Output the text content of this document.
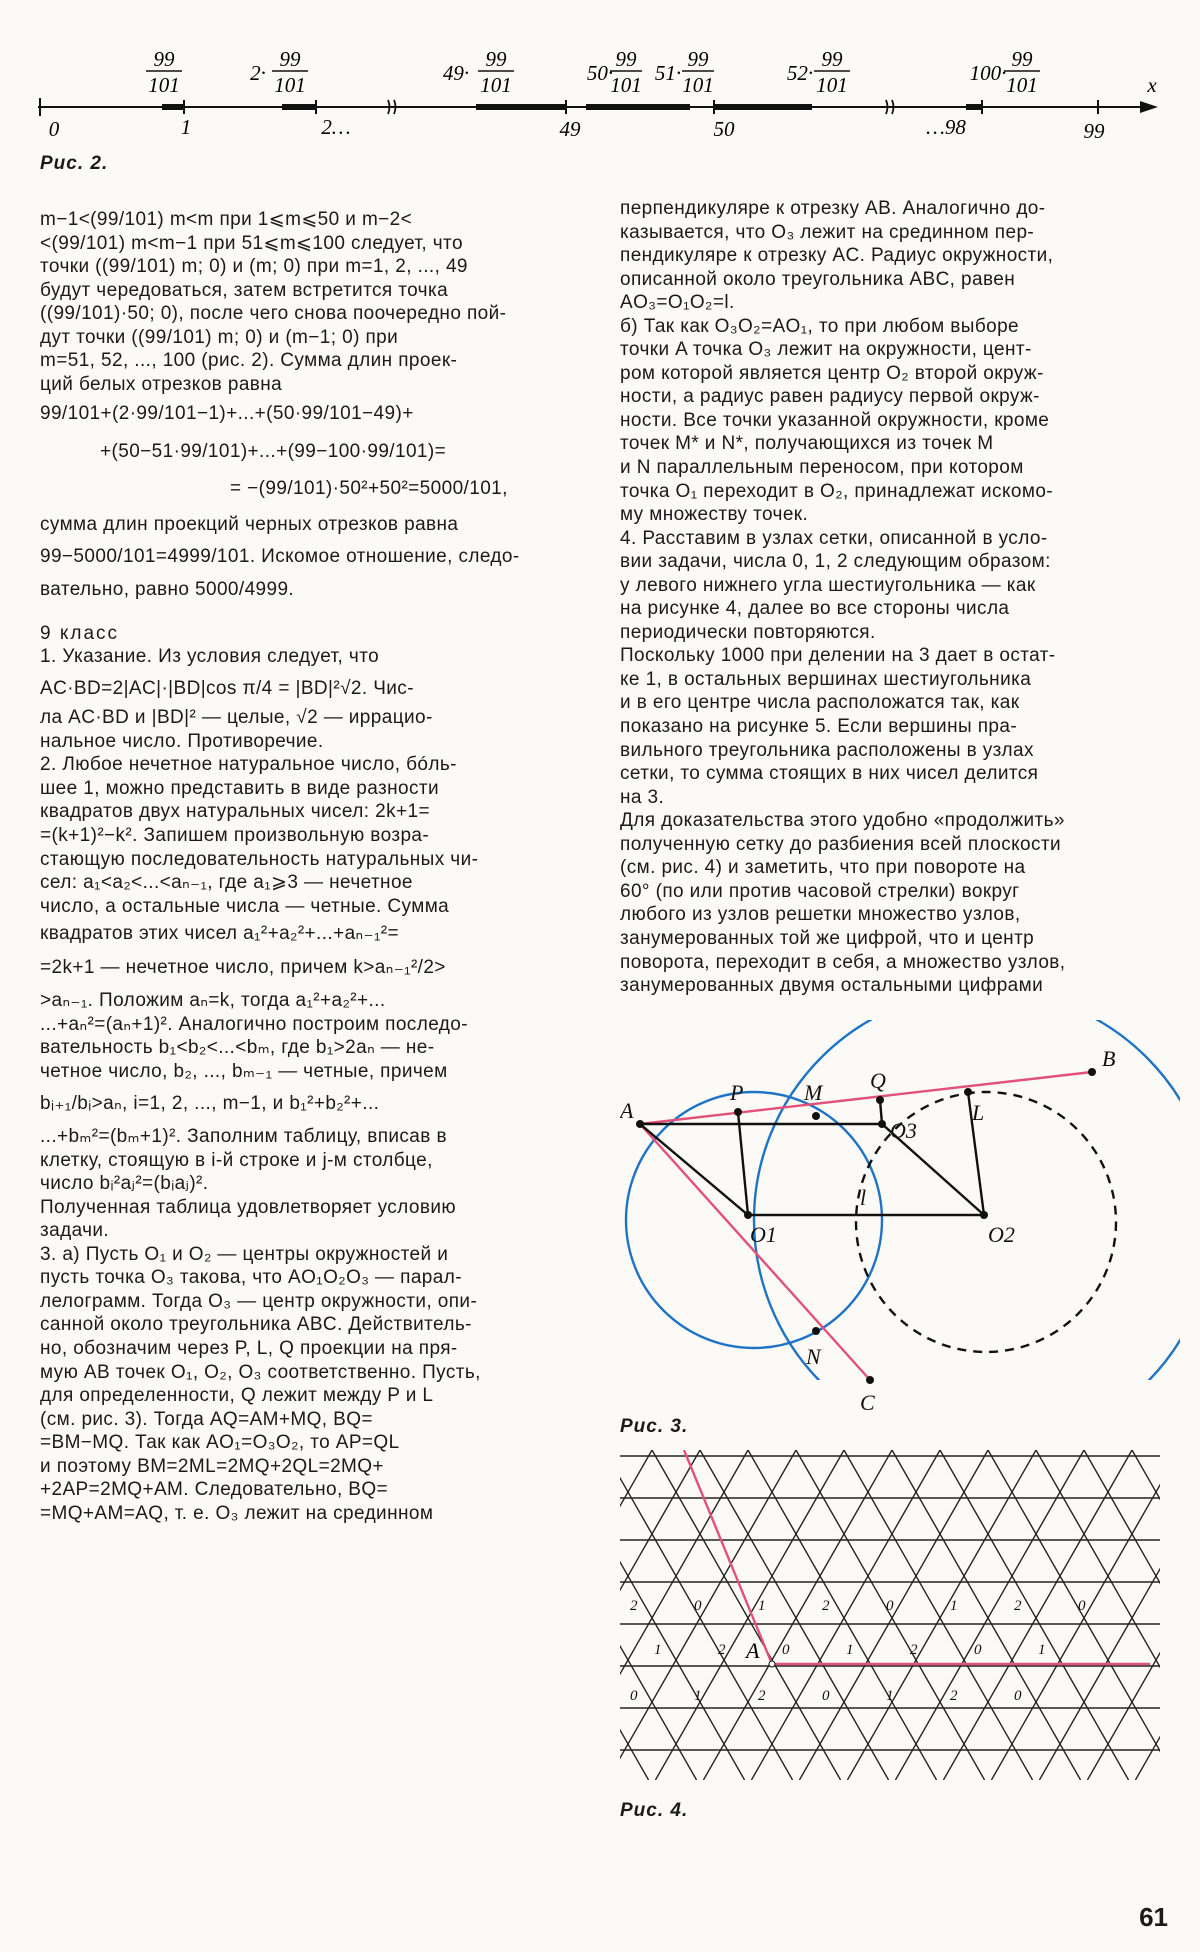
99
101	2·
99
101	49·
99
101	50·
99
101 51·
99
101	52·
99
101	100·
99
101	x
0	1	2…	49	50	…98	99
Рис. 2.

m−1<(99/101) m<m при 1⩽m⩽50 и m−2<

<(99/101) m<m−1 при 51⩽m⩽100 следует, что

точки ((99/101) m; 0) и (m; 0) при m=1, 2, ..., 49

будут чередоваться, затем встретится точка

((99/101)·50; 0), после чего снова поочередно пой-

дут точки ((99/101) m; 0) и (m−1; 0) при

m=51, 52, ..., 100 (рис. 2). Сумма длин проек-

ций белых отрезков равна

99/101+(2·99/101−1)+...+(50·99/101−49)+

+(50−51·99/101)+...+(99−100·99/101)=

= −(99/101)·50²+50²=5000/101,

сумма длин проекций черных отрезков равна

99−5000/101=4999/101. Искомое отношение, следо-

вательно, равно 5000/4999.

9 класс

1. Указание. Из условия следует, что

AC·BD=2|AC|·|BD|cos π/4 = |BD|²√2. Чис-

ла AC·BD и |BD|² — целые, √2 — иррацио-

нальное число. Противоречие.

2. Любое нечетное натуральное число, бóль-

шее 1, можно представить в виде разности

квадратов двух натуральных чисел: 2k+1=

=(k+1)²−k². Запишем произвольную возра-

стающую последовательность натуральных чи-

сел: a₁<a₂<...<aₙ₋₁, где a₁⩾3 — нечетное

число, а остальные числа — четные. Сумма

квадратов этих чисел a₁²+a₂²+...+aₙ₋₁²=

=2k+1 — нечетное число, причем k>aₙ₋₁²/2>

>aₙ₋₁. Положим aₙ=k, тогда a₁²+a₂²+...

...+aₙ²=(aₙ+1)². Аналогично построим последо-

вательность b₁<b₂<...<bₘ, где b₁>2aₙ — не-

четное число, b₂, ..., bₘ₋₁ — четные, причем

bᵢ₊₁/bᵢ>aₙ, i=1, 2, ..., m−1, и b₁²+b₂²+...

...+bₘ²=(bₘ+1)². Заполним таблицу, вписав в

клетку, стоящую в i-й строке и j-м столбце,

число bᵢ²aⱼ²=(bᵢaⱼ)².

Полученная таблица удовлетворяет условию

задачи.

3. а) Пусть O₁ и O₂ — центры окружностей и

пусть точка O₃ такова, что AO₁O₂O₃ — парал-

лелограмм. Тогда O₃ — центр окружности, опи-

санной около треугольника ABC. Действитель-

но, обозначим через P, L, Q проекции на пря-

мую AB точек O₁, O₂, O₃ соответственно. Пусть,

для определенности, Q лежит между P и L

(см. рис. 3). Тогда AQ=AM+MQ, BQ=

=BM−MQ. Так как AO₁=O₃O₂, то AP=QL

и поэтому BM=2ML=2MQ+2QL=2MQ+

+2AP=2MQ+AM. Следовательно, BQ=

=MQ+AM=AQ, т. е. O₃ лежит на срединном

перпендикуляре к отрезку AB. Аналогично до-

казывается, что O₃ лежит на срединном пер-

пендикуляре к отрезку AC. Радиус окружности,

описанной около треугольника ABC, равен

AO₃=O₁O₂=l.

б) Так как O₃O₂=AO₁, то при любом выборе

точки A точка O₃ лежит на окружности, цент-

ром которой является центр O₂ второй окруж-

ности, а радиус равен радиусу первой окруж-

ности. Все точки указанной окружности, кроме

точек M* и N*, получающихся из точек M

и N параллельным переносом, при котором

точка O₁ переходит в O₂, принадлежат искомо-

му множеству точек.

4. Расставим в узлах сетки, описанной в усло-

вии задачи, числа 0, 1, 2 следующим образом:

у левого нижнего угла шестиугольника — как

на рисунке 4, далее во все стороны числа

периодически повторяются.

Поскольку 1000 при делении на 3 дает в остат-

ке 1, в остальных вершинах шестиугольника

и в его центре числа расположатся так, как

показано на рисунке 5. Если вершины пра-

вильного треугольника расположены в узлах

сетки, то сумма стоящих в них чисел делится

на 3.

Для доказательства этого удобно «продолжить»

полученную сетку до разбиения всей плоскости

(см. рис. 4) и заметить, что при повороте на

60° (по или против часовой стрелки) вокруг

любого из узлов решетки множество узлов,

занумерованных той же цифрой, что и центр

поворота, переходит в себя, а множество узлов,

занумерованных двумя остальными цифрами

A
B
C
M
N
P	Q
L
O1	O2
O3
l
Рис. 3.
A
2	0	1	2	0	1	2	0
1	2	0	1	2	0	1
0	1	2	0	1	2	0
Рис. 4.
61
